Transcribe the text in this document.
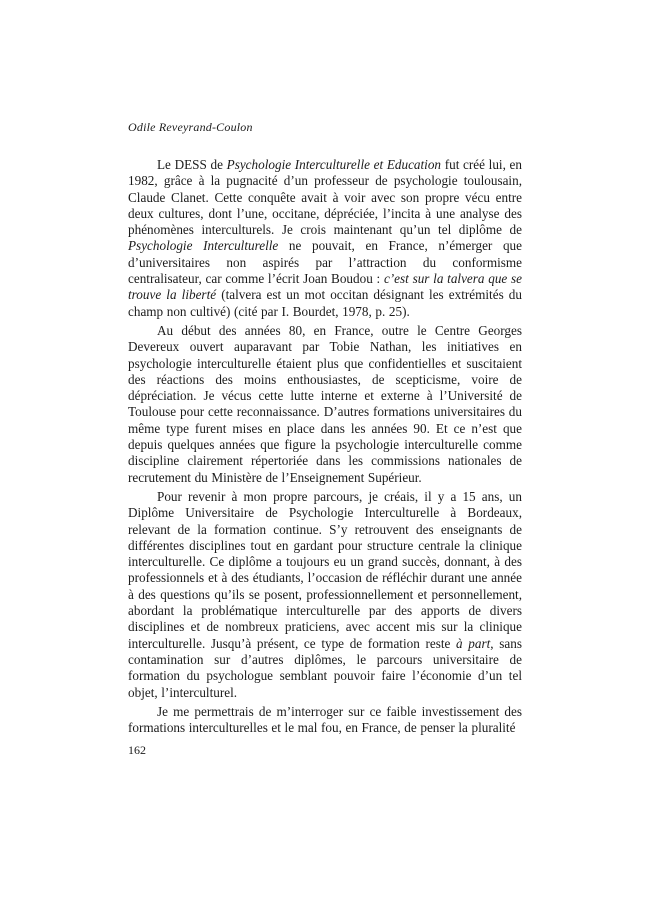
Odile Reveyrand-Coulon

Le DESS de Psychologie Interculturelle et Education fut créé lui, en 1982, grâce à la pugnacité d’un professeur de psychologie toulousain, Claude Clanet. Cette conquête avait à voir avec son propre vécu entre deux cultures, dont l’une, occitane, dépréciée, l’incita à une analyse des phénomènes interculturels. Je crois maintenant qu’un tel diplôme de Psychologie Interculturelle ne pouvait, en France, n’émerger que d’universitaires non aspirés par l’attraction du conformisme centralisateur, car comme l’écrit Joan Boudou : c’est sur la talvera que se trouve la liberté (talvera est un mot occitan désignant les extrémités du champ non cultivé) (cité par I. Bourdet, 1978, p. 25).

Au début des années 80, en France, outre le Centre Georges Devereux ouvert auparavant par Tobie Nathan, les initiatives en psychologie interculturelle étaient plus que confidentielles et suscitaient des réactions des moins enthousiastes, de scepticisme, voire de dépréciation. Je vécus cette lutte interne et externe à l’Université de Toulouse pour cette reconnaissance. D’autres formations universitaires du même type furent mises en place dans les années 90. Et ce n’est que depuis quelques années que figure la psychologie interculturelle comme discipline clairement répertoriée dans les commissions nationales de recrutement du Ministère de l’Enseignement Supérieur.

Pour revenir à mon propre parcours, je créais, il y a 15 ans, un Diplôme Universitaire de Psychologie Interculturelle à Bordeaux, relevant de la formation continue. S’y retrouvent des enseignants de différentes disciplines tout en gardant pour structure centrale la clinique interculturelle. Ce diplôme a toujours eu un grand succès, donnant, à des professionnels et à des étudiants, l’occasion de réfléchir durant une année à des questions qu’ils se posent, professionnellement et personnellement, abordant la problématique interculturelle par des apports de divers disciplines et de nombreux praticiens, avec accent mis sur la clinique interculturelle. Jusqu’à présent, ce type de formation reste à part, sans contamination sur d’autres diplômes, le parcours universitaire de formation du psychologue semblant pouvoir faire l’économie d’un tel objet, l’interculturel.

Je me permettrais de m’interroger sur ce faible investissement des formations interculturelles et le mal fou, en France, de penser la pluralité

162
